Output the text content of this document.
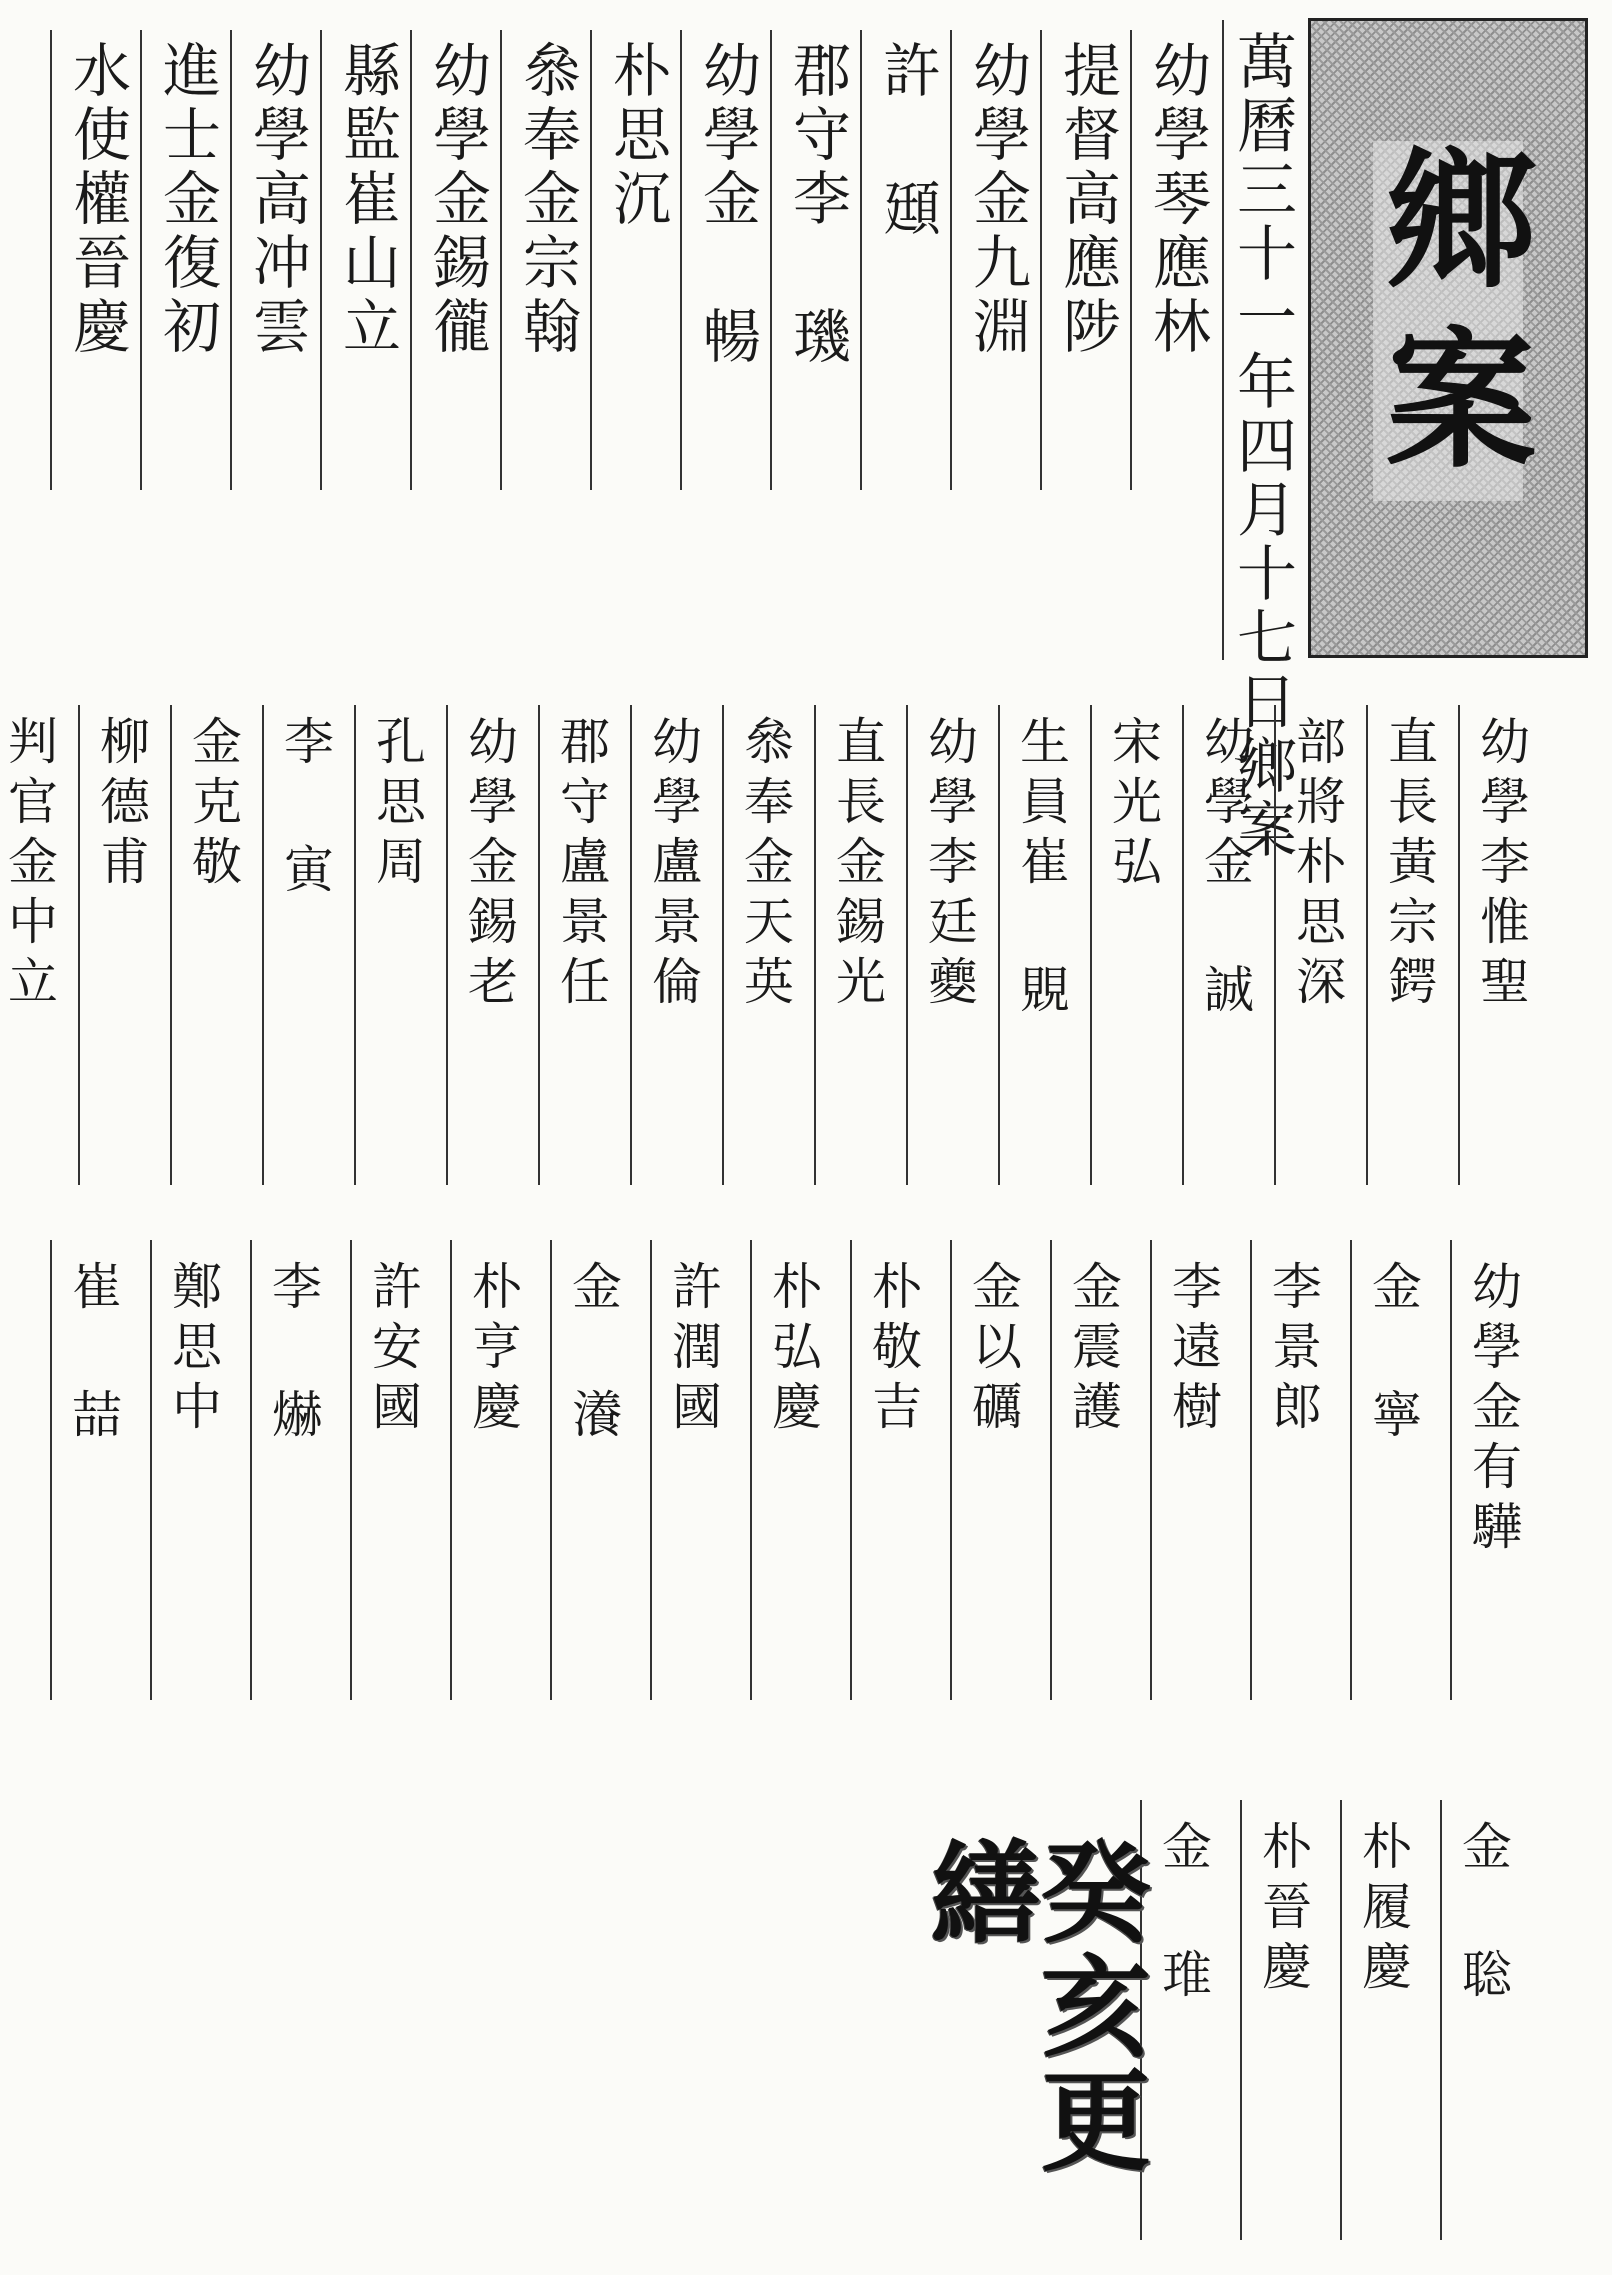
鄉案
萬曆三十一年四月十七日鄉案
幼學琴應林
提督高應陟
幼學金九淵
許 頲
郡守李 璣
幼學金 暢
朴思沉
叅奉金宗翰
幼學金錫徿
縣監崔山立
幼學高冲雲
進士金復初
水使權晉慶
幼學李惟聖
直長黃宗鍔
部將朴思深
幼學金 誠
宋光弘
生員崔 覞
幼學李廷夔
直長金錫光
叅奉金天英
幼學盧景倫
郡守盧景任
幼學金錫老
孔思周
李 寅
金克敬
柳德甫
判官金中立
幼學金有驊
金 寧
李景郎
李遠樹
金震護
金以礪
朴敬吉
朴弘慶
許潤國
金 瀁
朴亨慶
許安國
李 爀
鄭思中
崔 喆
金 聡
朴履慶
朴晉慶
金 琟
癸亥更繕
